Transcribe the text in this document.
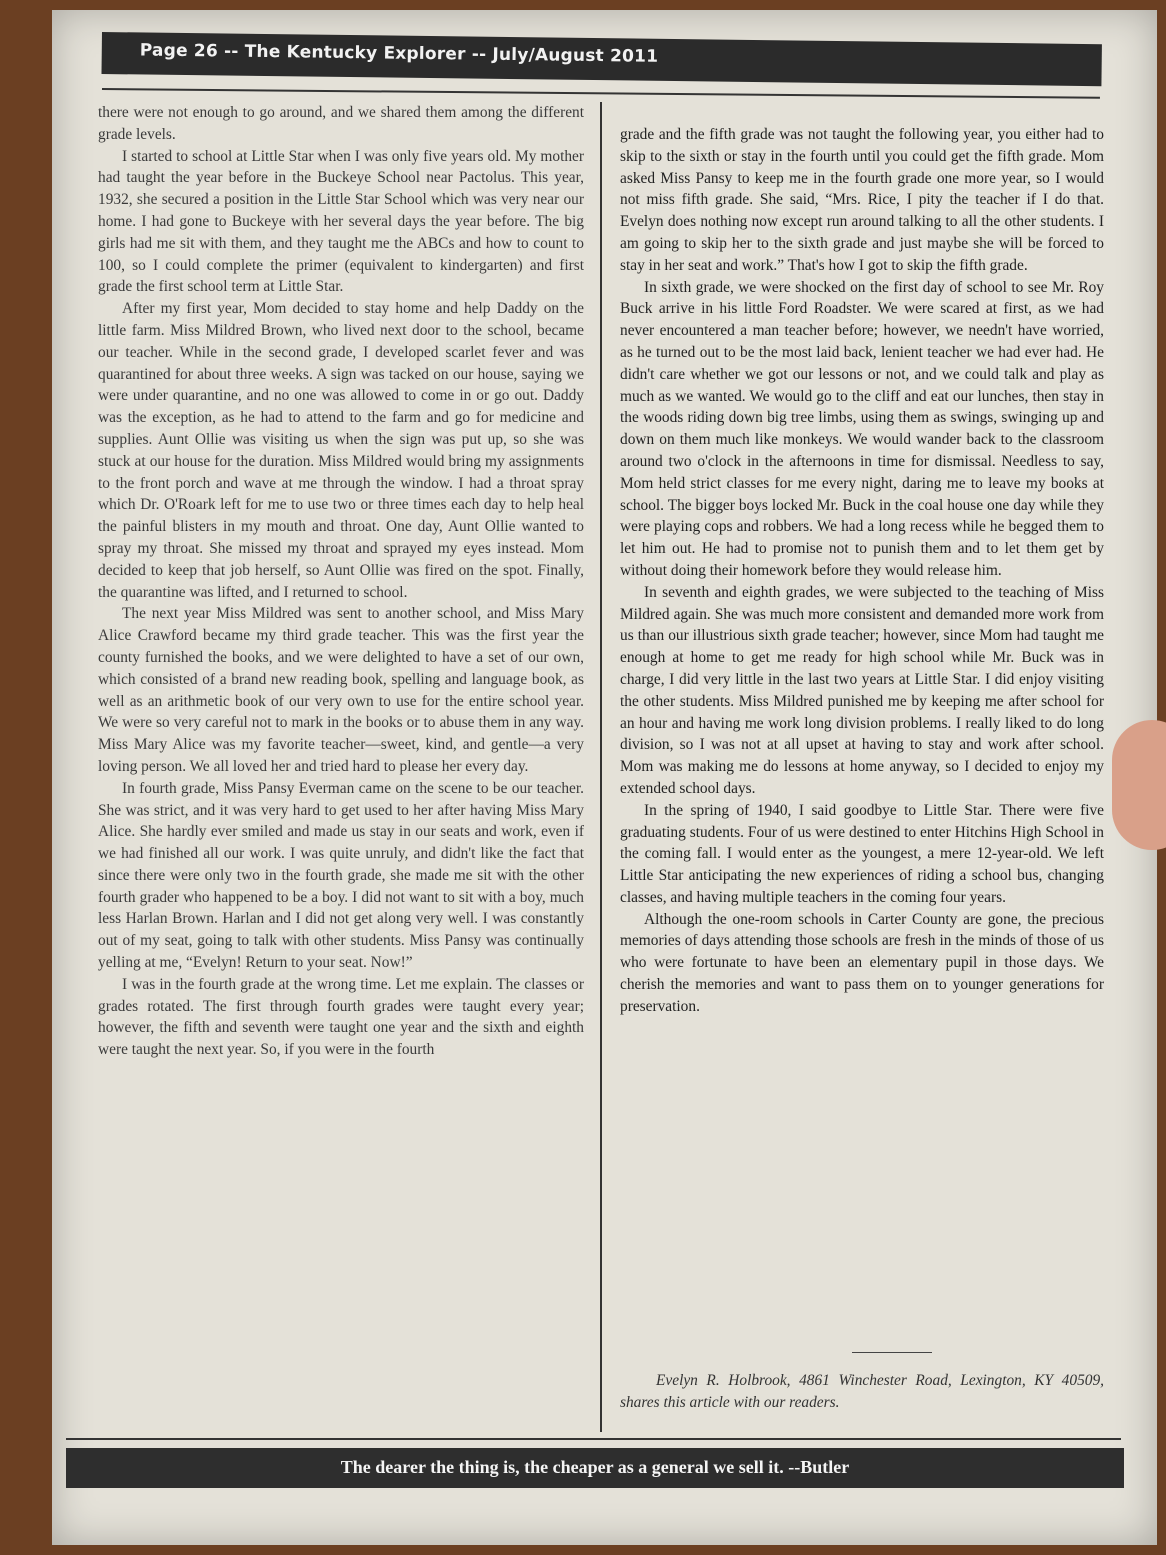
Page 26 -- The Kentucky Explorer -- July/August 2011

there were not enough to go around, and we shared them among the different grade levels.

I started to school at Little Star when I was only five years old. My mother had taught the year before in the Buckeye School near Pactolus. This year, 1932, she secured a position in the Little Star School which was very near our home. I had gone to Buckeye with her several days the year before. The big girls had me sit with them, and they taught me the ABCs and how to count to 100, so I could complete the primer (equivalent to kindergarten) and first grade the first school term at Little Star.

After my first year, Mom decided to stay home and help Daddy on the little farm. Miss Mildred Brown, who lived next door to the school, became our teacher. While in the second grade, I developed scarlet fever and was quarantined for about three weeks. A sign was tacked on our house, saying we were under quarantine, and no one was allowed to come in or go out. Daddy was the exception, as he had to attend to the farm and go for medicine and supplies. Aunt Ollie was visiting us when the sign was put up, so she was stuck at our house for the duration. Miss Mildred would bring my assignments to the front porch and wave at me through the window. I had a throat spray which Dr. O'Roark left for me to use two or three times each day to help heal the painful blisters in my mouth and throat. One day, Aunt Ollie wanted to spray my throat. She missed my throat and sprayed my eyes instead. Mom decided to keep that job herself, so Aunt Ollie was fired on the spot. Finally, the quarantine was lifted, and I returned to school.

The next year Miss Mildred was sent to another school, and Miss Mary Alice Crawford became my third grade teacher. This was the first year the county furnished the books, and we were delighted to have a set of our own, which consisted of a brand new reading book, spelling and language book, as well as an arithmetic book of our very own to use for the entire school year. We were so very careful not to mark in the books or to abuse them in any way. Miss Mary Alice was my favorite teacher—sweet, kind, and gentle—a very loving person. We all loved her and tried hard to please her every day.

In fourth grade, Miss Pansy Everman came on the scene to be our teacher. She was strict, and it was very hard to get used to her after having Miss Mary Alice. She hardly ever smiled and made us stay in our seats and work, even if we had finished all our work. I was quite unruly, and didn't like the fact that since there were only two in the fourth grade, she made me sit with the other fourth grader who happened to be a boy. I did not want to sit with a boy, much less Harlan Brown. Harlan and I did not get along very well. I was constantly out of my seat, going to talk with other students. Miss Pansy was continually yelling at me, “Evelyn! Return to your seat. Now!”

I was in the fourth grade at the wrong time. Let me explain. The classes or grades rotated. The first through fourth grades were taught every year; however, the fifth and seventh were taught one year and the sixth and eighth were taught the next year. So, if you were in the fourth

grade and the fifth grade was not taught the following year, you either had to skip to the sixth or stay in the fourth until you could get the fifth grade. Mom asked Miss Pansy to keep me in the fourth grade one more year, so I would not miss fifth grade. She said, “Mrs. Rice, I pity the teacher if I do that. Evelyn does nothing now except run around talking to all the other students. I am going to skip her to the sixth grade and just maybe she will be forced to stay in her seat and work.” That's how I got to skip the fifth grade.

In sixth grade, we were shocked on the first day of school to see Mr. Roy Buck arrive in his little Ford Roadster. We were scared at first, as we had never encountered a man teacher before; however, we needn't have worried, as he turned out to be the most laid back, lenient teacher we had ever had. He didn't care whether we got our lessons or not, and we could talk and play as much as we wanted. We would go to the cliff and eat our lunches, then stay in the woods riding down big tree limbs, using them as swings, swinging up and down on them much like monkeys. We would wander back to the classroom around two o'clock in the afternoons in time for dismissal. Needless to say, Mom held strict classes for me every night, daring me to leave my books at school. The bigger boys locked Mr. Buck in the coal house one day while they were playing cops and robbers. We had a long recess while he begged them to let him out. He had to promise not to punish them and to let them get by without doing their homework before they would release him.

In seventh and eighth grades, we were subjected to the teaching of Miss Mildred again. She was much more consistent and demanded more work from us than our illustrious sixth grade teacher; however, since Mom had taught me enough at home to get me ready for high school while Mr. Buck was in charge, I did very little in the last two years at Little Star. I did enjoy visiting the other students. Miss Mildred punished me by keeping me after school for an hour and having me work long division problems. I really liked to do long division, so I was not at all upset at having to stay and work after school. Mom was making me do lessons at home anyway, so I decided to enjoy my extended school days.

In the spring of 1940, I said goodbye to Little Star. There were five graduating students. Four of us were destined to enter Hitchins High School in the coming fall. I would enter as the youngest, a mere 12-year-old. We left Little Star anticipating the new experiences of riding a school bus, changing classes, and having multiple teachers in the coming four years.

Although the one-room schools in Carter County are gone, the precious memories of days attending those schools are fresh in the minds of those of us who were fortunate to have been an elementary pupil in those days. We cherish the memories and want to pass them on to younger generations for preservation.

Evelyn R. Holbrook, 4861 Winchester Road, Lexington, KY 40509, shares this article with our readers.
The dearer the thing is, the cheaper as a general we sell it. --Butler
